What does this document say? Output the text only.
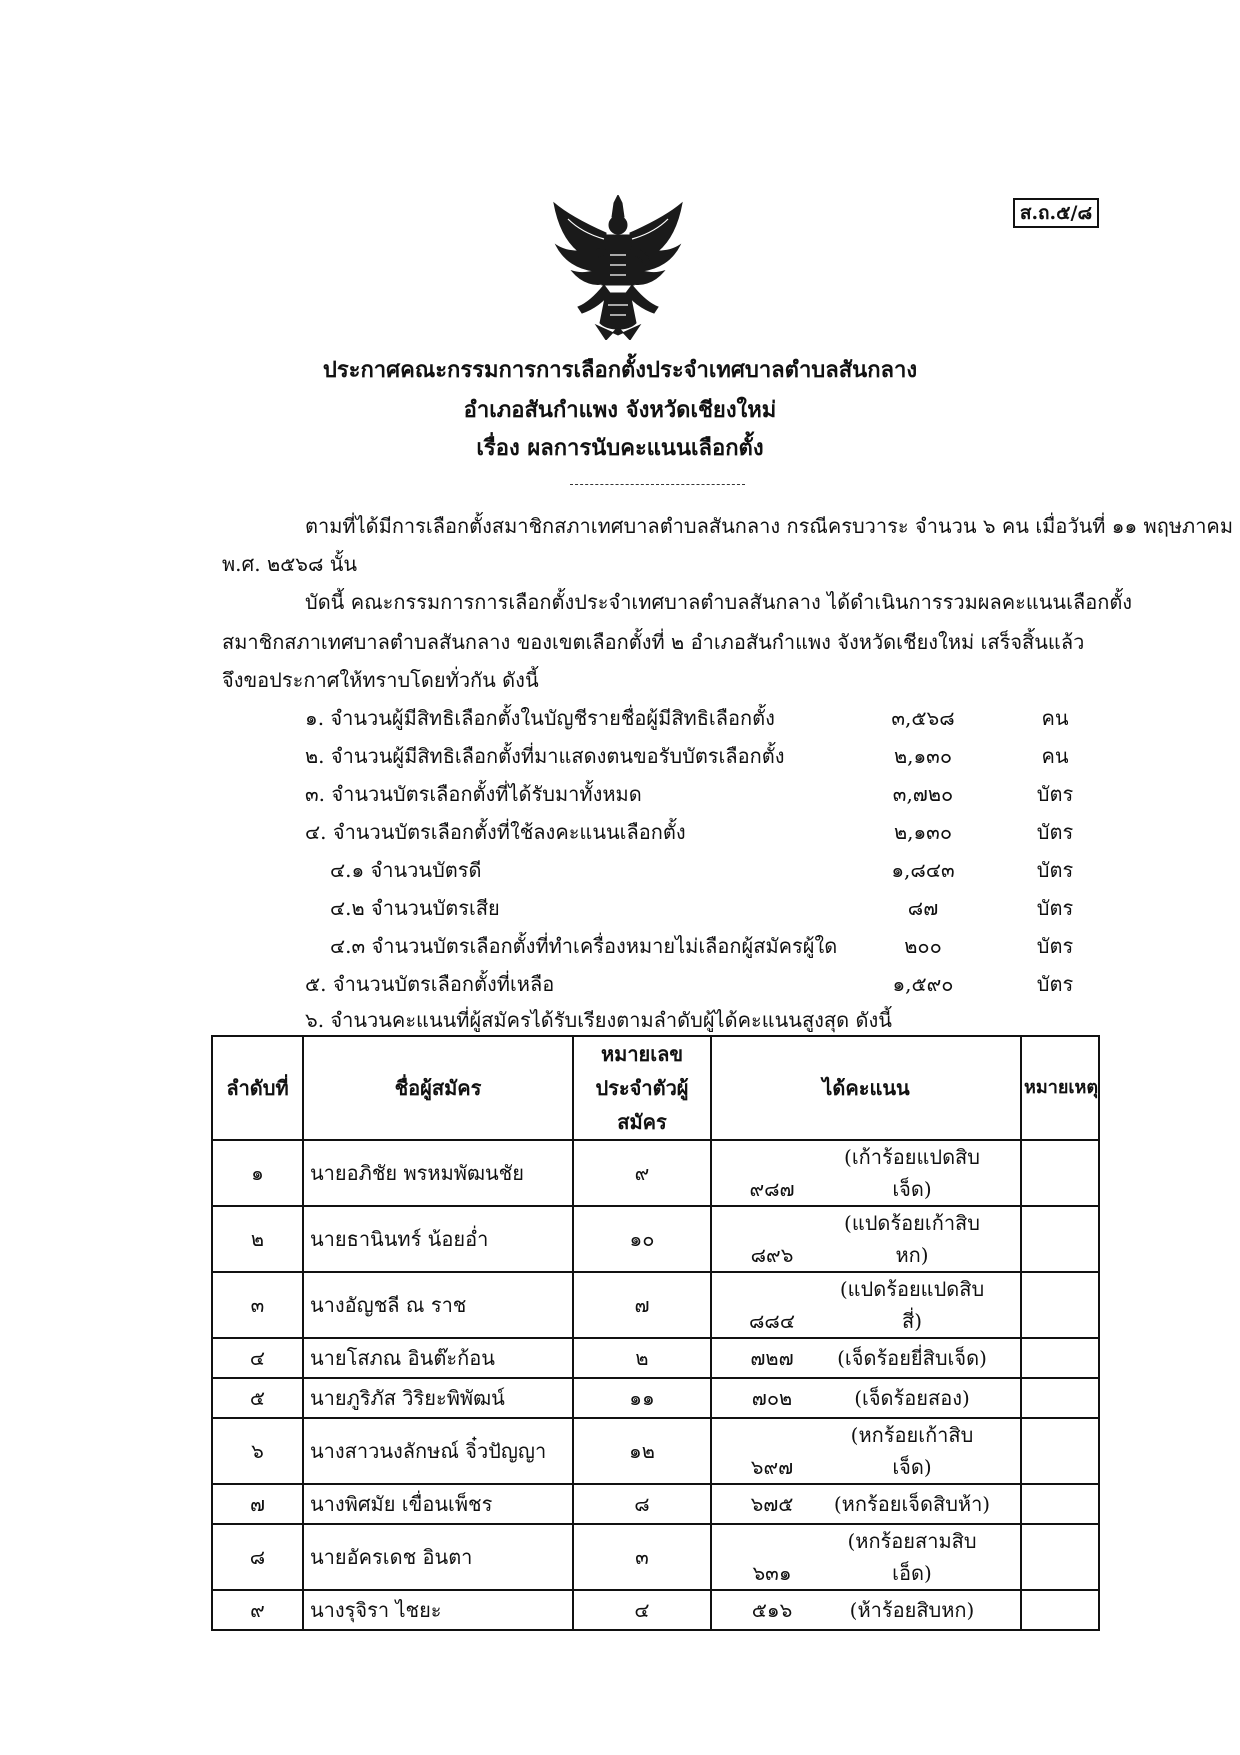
ส.ถ.๕/๘
ประกาศคณะกรรมการการเลือกตั้งประจำเทศบาลตำบลสันกลาง
อำเภอสันกำแพง จังหวัดเชียงใหม่
เรื่อง ผลการนับคะแนนเลือกตั้ง
ตามที่ได้มีการเลือกตั้งสมาชิกสภาเทศบาลตำบลสันกลาง กรณีครบวาระ จำนวน ๖ คน เมื่อวันที่ ๑๑ พฤษภาคม
พ.ศ. ๒๕๖๘ นั้น
บัดนี้ คณะกรรมการการเลือกตั้งประจำเทศบาลตำบลสันกลาง ได้ดำเนินการรวมผลคะแนนเลือกตั้ง
สมาชิกสภาเทศบาลตำบลสันกลาง ของเขตเลือกตั้งที่ ๒ อำเภอสันกำแพง จังหวัดเชียงใหม่ เสร็จสิ้นแล้ว
จึงขอประกาศให้ทราบโดยทั่วกัน ดังนี้
๑. จำนวนผู้มีสิทธิเลือกตั้งในบัญชีรายชื่อผู้มีสิทธิเลือกตั้ง	๓,๕๖๘	คน
๒. จำนวนผู้มีสิทธิเลือกตั้งที่มาแสดงตนขอรับบัตรเลือกตั้ง	๒,๑๓๐	คน
๓. จำนวนบัตรเลือกตั้งที่ได้รับมาทั้งหมด	๓,๗๒๐	บัตร
๔. จำนวนบัตรเลือกตั้งที่ใช้ลงคะแนนเลือกตั้ง	๒,๑๓๐	บัตร
๔.๑ จำนวนบัตรดี	๑,๘๔๓	บัตร
๔.๒ จำนวนบัตรเสีย	๘๗	บัตร
๔.๓ จำนวนบัตรเลือกตั้งที่ทำเครื่องหมายไม่เลือกผู้สมัครผู้ใด	๒๐๐	บัตร
๕. จำนวนบัตรเลือกตั้งที่เหลือ	๑,๕๙๐	บัตร
๖. จำนวนคะแนนที่ผู้สมัครได้รับเรียงตามลำดับผู้ได้คะแนนสูงสุด ดังนี้
ลำดับที่	ชื่อผู้สมัคร	หมายเลข
ประจำตัวผู้สมัคร	ได้คะแนน	หมายเหตุ
๑	นายอภิชัย พรหมพัฒนชัย	๙	๙๘๗(เก้าร้อยแปดสิบเจ็ด)	
๒	นายธานินทร์ น้อยอ่ำ	๑๐	๘๙๖(แปดร้อยเก้าสิบหก)	
๓	นางอัญชลี ณ ราช	๗	๘๘๔(แปดร้อยแปดสิบสี่)	
๔	นายโสภณ อินต๊ะก้อน	๒	๗๒๗ (เจ็ดร้อยยี่สิบเจ็ด)	
๕	นายภูริภัส วิริยะพิพัฒน์	๑๑	๗๐๒ (เจ็ดร้อยสอง)	
๖	นางสาวนงลักษณ์ จิ๋วปัญญา	๑๒	๖๙๗(หกร้อยเก้าสิบเจ็ด)	
๗	นางพิศมัย เขื่อนเพ็ชร	๘	๖๗๕ (หกร้อยเจ็ดสิบห้า)	
๘	นายอัครเดช อินตา	๓	๖๓๑(หกร้อยสามสิบเอ็ด)	
๙	นางรุจิรา ไชยะ	๔	๕๑๖ (ห้าร้อยสิบหก)	
